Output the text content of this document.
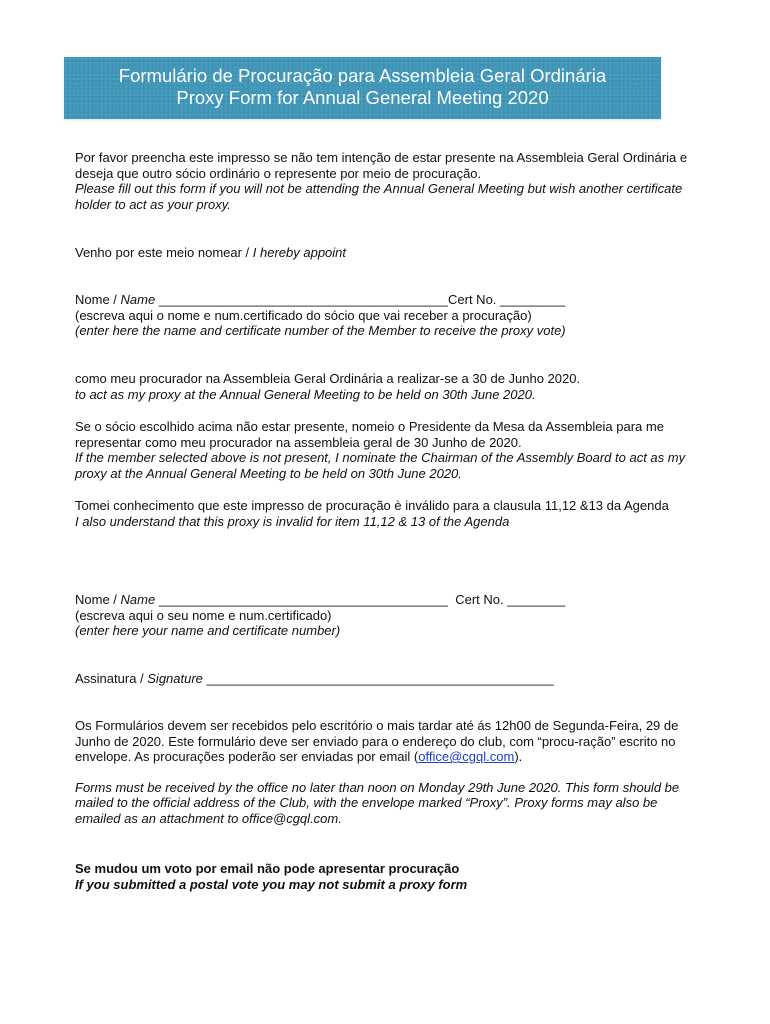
Formulário de Procuração para Assembleia Geral Ordinária
Proxy Form for Annual General Meeting 2020

Por favor preencha este impresso se não tem intenção de estar presente na Assembleia Geral Ordinária e deseja que outro sócio ordinário o represente por meio de procuração.

Please fill out this form if you will not be attending the Annual General Meeting but wish another certificate holder to act as your proxy.

Venho por este meio nomear / I hereby appoint

Nome / Name ________________________________________Cert No. _________

(escreva aqui o nome e num.certificado do sócio que vai receber a procuração)

(enter here the name and certificate number of the Member to receive the proxy vote)

como meu procurador na Assembleia Geral Ordinária a realizar-se a 30 de Junho 2020.

to act as my proxy at the Annual General Meeting to be held on 30th June 2020.

Se o sócio escolhido acima não estar presente, nomeio o Presidente da Mesa da Assembleia para me representar como meu procurador na assembleia geral de 30 Junho de 2020.

If the member selected above is not present, I nominate the Chairman of the Assembly Board to act as my proxy at the Annual General Meeting to be held on 30th June 2020.

Tomei conhecimento que este impresso de procuração è inválido para a clausula 11,12 &13 da Agenda

I also understand that this proxy is invalid for item 11,12 & 13 of the Agenda

Nome / Name ________________________________________  Cert No. ________

(escreva aqui o seu nome e num.certificado)

(enter here your name and certificate number)

Assinatura / Signature ________________________________________________

Os Formulários devem ser recebidos pelo escritório o mais tardar até ás 12h00 de Segunda-Feira, 29 de Junho de 2020. Este formulário deve ser enviado para o endereço do club, com “procu-ração” escrito no envelope. As procurações poderão ser enviadas por email (office@cgql.com).

Forms must be received by the office no later than noon on Monday 29th June 2020. This form should be mailed to the official address of the Club, with the envelope marked “Proxy”. Proxy forms may also be emailed as an attachment to office@cgql.com.

Se mudou um voto por email não pode apresentar procuração

If you submitted a postal vote you may not submit a proxy form
